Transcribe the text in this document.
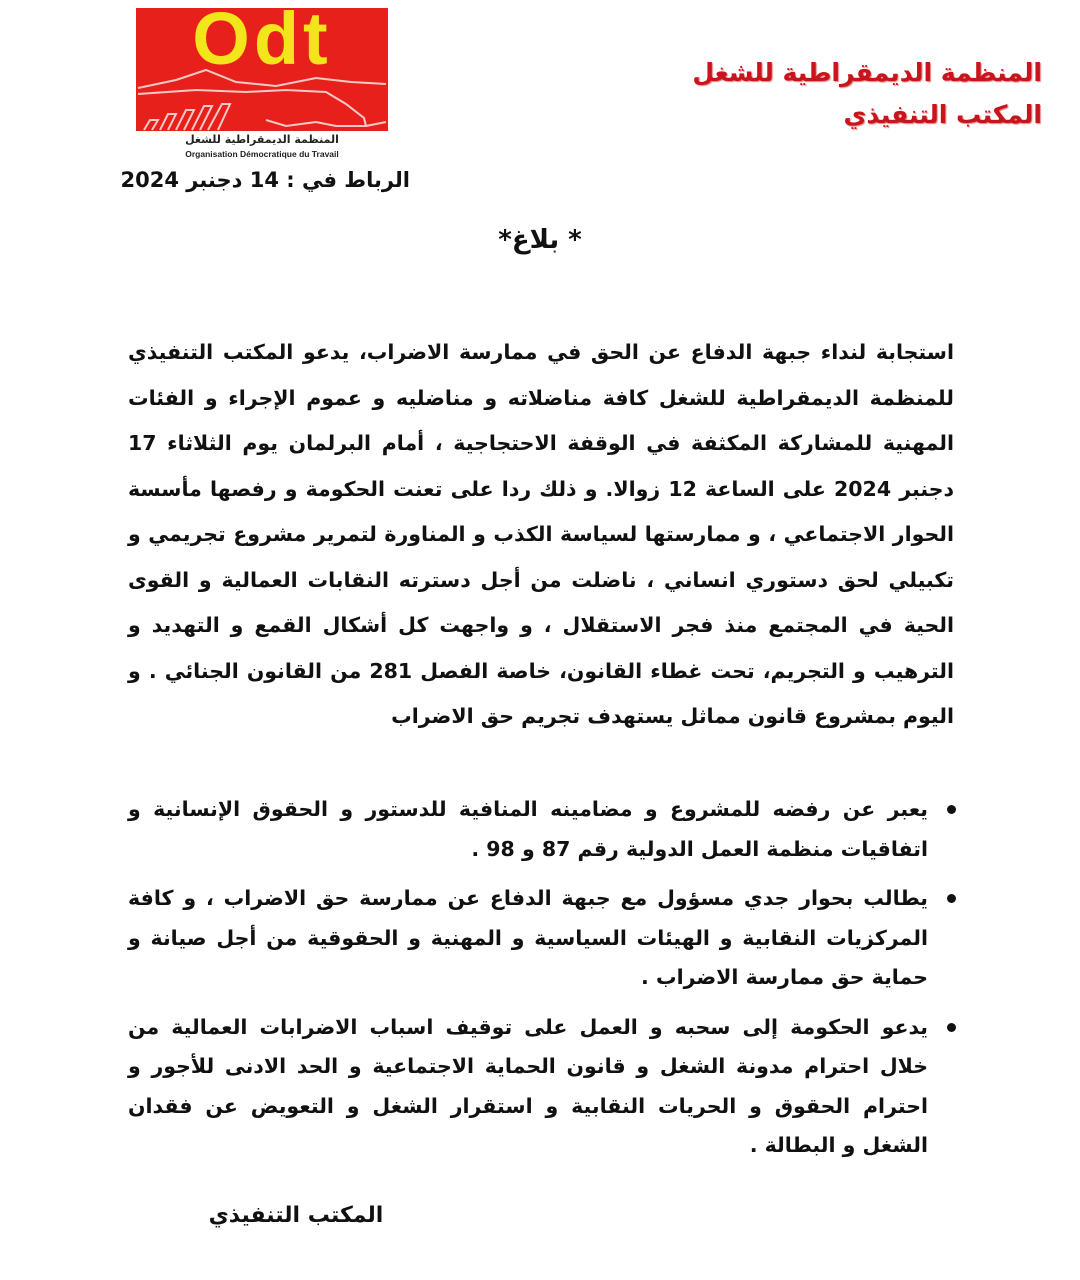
Odt
المنظمة الديمقراطية للشغل
Organisation Démocratique du Travail
الرباط في : 14 دجنبر 2024
المنظمة الديمقراطية للشغل
المكتب التنفيذي
* بلاغ*
استجابة لنداء جبهة الدفاع عن الحق في ممارسة الاضراب، يدعو المكتب التنفيذي للمنظمة الديمقراطية للشغل كافة مناضلاته و مناضليه و عموم الإجراء و الفئات المهنية للمشاركة المكثفة في الوقفة الاحتجاجية ، أمام البرلمان يوم الثلاثاء 17 دجنبر 2024 على الساعة 12 زوالا. و ذلك ردا على تعنت الحكومة و رفصها مأسسة الحوار الاجتماعي ، و ممارستها لسياسة الكذب و المناورة لتمرير مشروع تجريمي و تكبيلي لحق دستوري انساني ، ناضلت من أجل دسترته النقابات العمالية و القوى الحية في المجتمع منذ فجر الاستقلال ، و واجهت كل أشكال القمع و التهديد و الترهيب و التجريم، تحت غطاء القانون، خاصة الفصل 281 من القانون الجنائي . و اليوم بمشروع قانون مماثل يستهدف تجريم حق الاضراب
يعبر عن رفضه للمشروع و مضامينه المنافية للدستور و الحقوق الإنسانية و اتفاقيات منظمة العمل الدولية رقم 87 و 98 .
يطالب بحوار جدي مسؤول مع جبهة الدفاع عن ممارسة حق الاضراب ، و كافة المركزيات النقابية و الهيئات السياسية و المهنية و الحقوقية من أجل صيانة و حماية حق ممارسة الاضراب .
يدعو الحكومة إلى سحبه و العمل على توقيف اسباب الاضرابات العمالية من خلال احترام مدونة الشغل و قانون الحماية الاجتماعية و الحد الادنى للأجور و احترام الحقوق و الحريات النقابية و استقرار الشغل و التعويض عن فقدان الشغل و البطالة .
المكتب التنفيذي
